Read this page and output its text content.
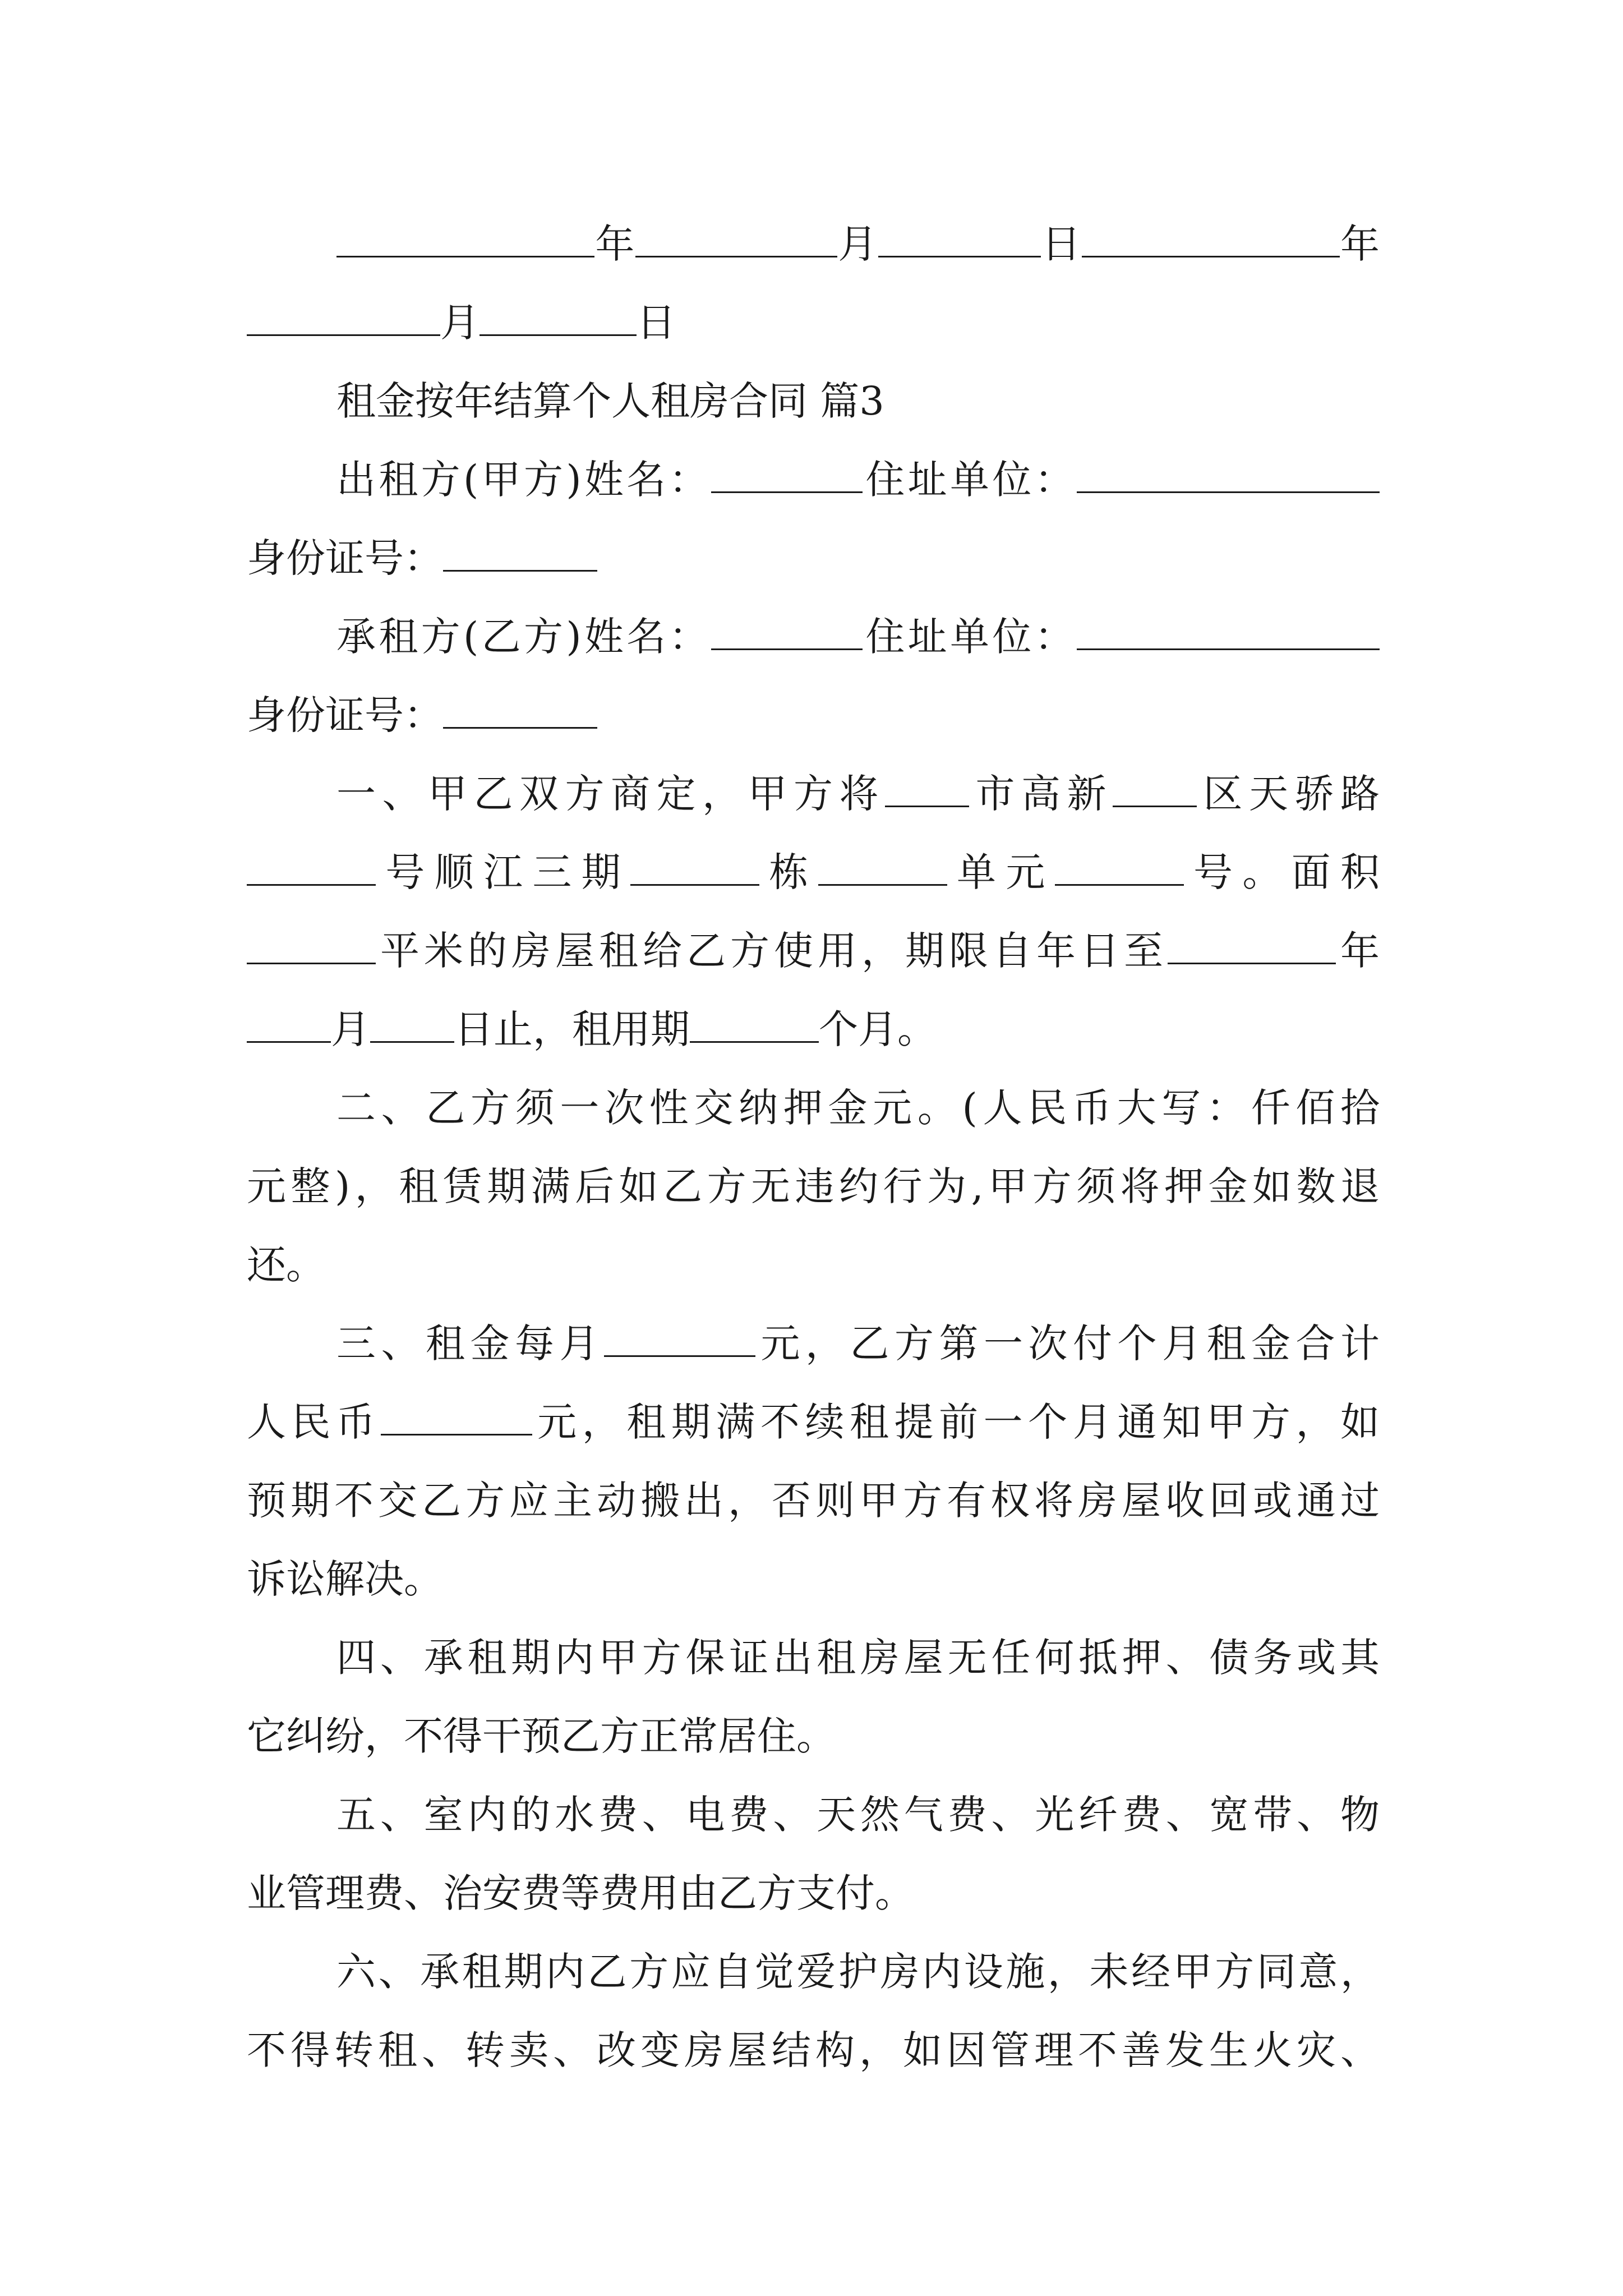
年	月	日	年
月	日
租金按年结算个人租房合同 篇3
出租方(甲方)姓名：	住址单位：
身份证号：
承租方(乙方)姓名：	住址单位：
身份证号：
一、甲乙双方商定，甲方将 市高新 区天骄路
号顺江三期	栋	单元	号。面积
平米的房屋租给乙方使用，期限自年日至	年
月 日止，租用期	个月。
二、乙方须一次性交纳押金元。(人民币大写：仟佰拾
元整)，租赁期满后如乙方无违约行为,甲方须将押金如数退
还。
三、租金每月	元，乙方第一次付个月租金合计
人民币	元，租期满不续租提前一个月通知甲方，如
预期不交乙方应主动搬出，否则甲方有权将房屋收回或通过
诉讼解决。
四、承租期内甲方保证出租房屋无任何抵押、债务或其
它纠纷，不得干预乙方正常居住。
五、室内的水费、电费、天然气费、光纤费、宽带、物
业管理费、治安费等费用由乙方支付。
六、承租期内乙方应自觉爱护房内设施，未经甲方同意，
不得转租、转卖、改变房屋结构，如因管理不善发生火灾、
